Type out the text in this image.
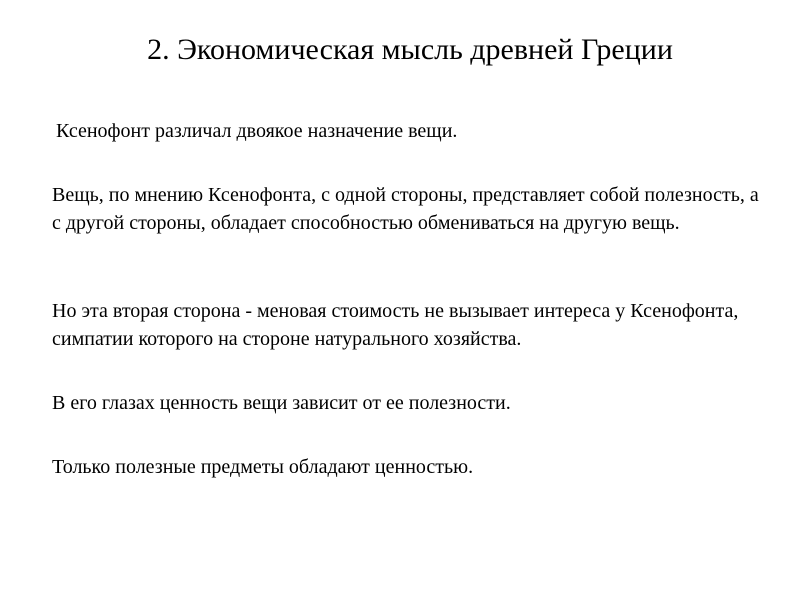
2. Экономическая мысль древней Греции

Ксенофонт различал двоякое назначение вещи.

Вещь, по мнению Ксенофонта, с одной стороны, представляет собой полезность, а с другой стороны, обладает способностью обмениваться на другую вещь.

Но эта вторая сторона - меновая стоимость не вызывает интереса у Ксенофонта, симпатии которого на стороне натурального хозяйства.

В его глазах ценность вещи зависит от ее полезности.

Только полезные предметы обладают ценностью.
